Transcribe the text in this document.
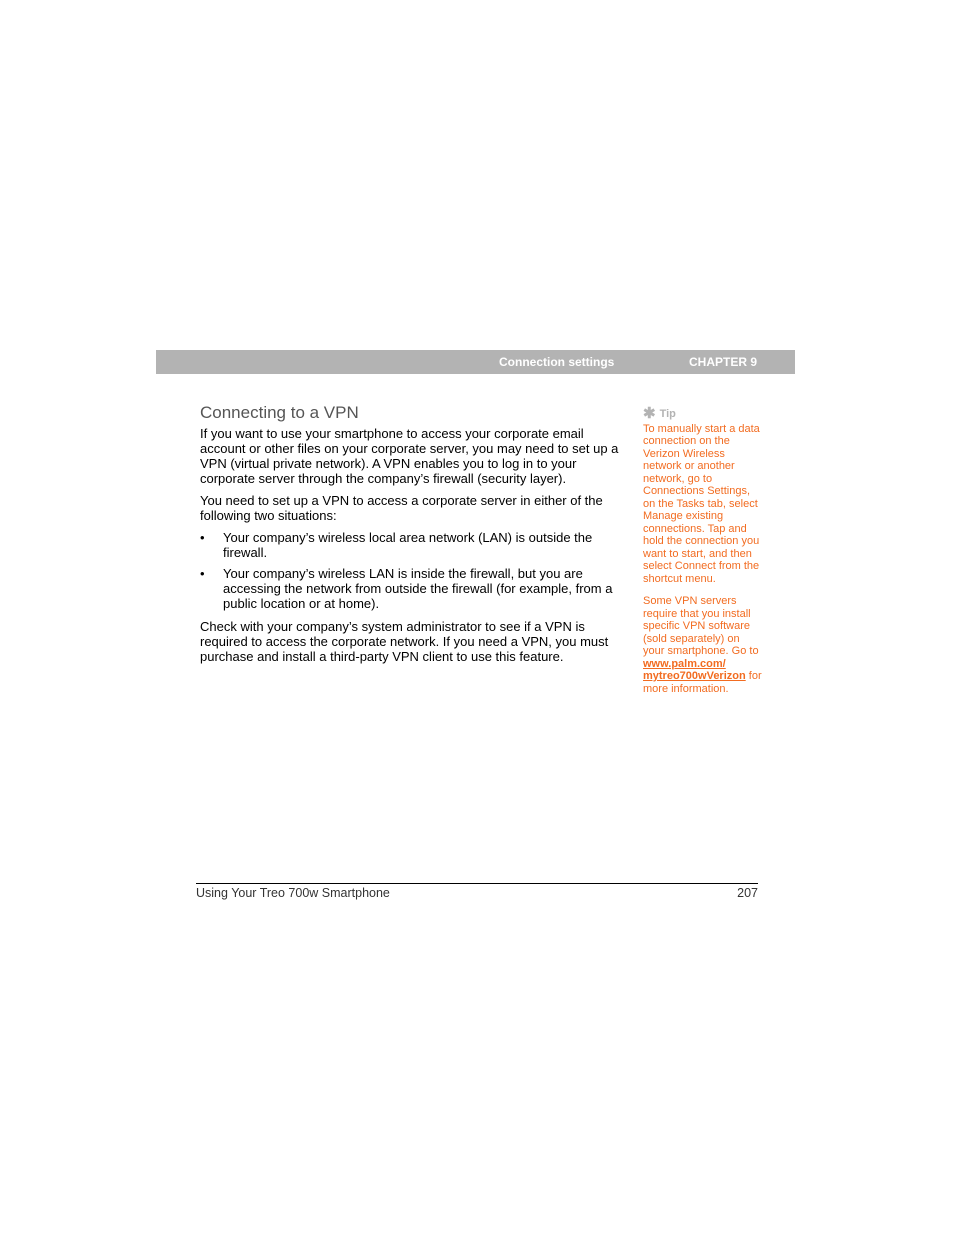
Connection settings	CHAPTER 9
Connecting to a VPN

If you want to use your smartphone to access your corporate email account or other files on your corporate server, you may need to set up a VPN (virtual private network). A VPN enables you to log in to your corporate server through the company’s firewall (security layer).

You need to set up a VPN to access a corporate server in either of the following two situations:

• Your company’s wireless local area network (LAN) is outside the firewall.
• Your company’s wireless LAN is inside the firewall, but you are accessing the network from outside the firewall (for example, from a public location or at home).

Check with your company’s system administrator to see if a VPN is required to access the corporate network. If you need a VPN, you must purchase and install a third-party VPN client to use this feature.

✱ Tip

To manually start a data connection on the Verizon Wireless network or another network, go to Connections Settings, on the Tasks tab, select Manage existing connections. Tap and hold the connection you want to start, and then select Connect from the shortcut menu.

Some VPN servers require that you install specific VPN software (sold separately) on your smartphone. Go to www.palm.com/ mytreo700wVerizon for more information.

Using Your Treo 700w Smartphone	207
